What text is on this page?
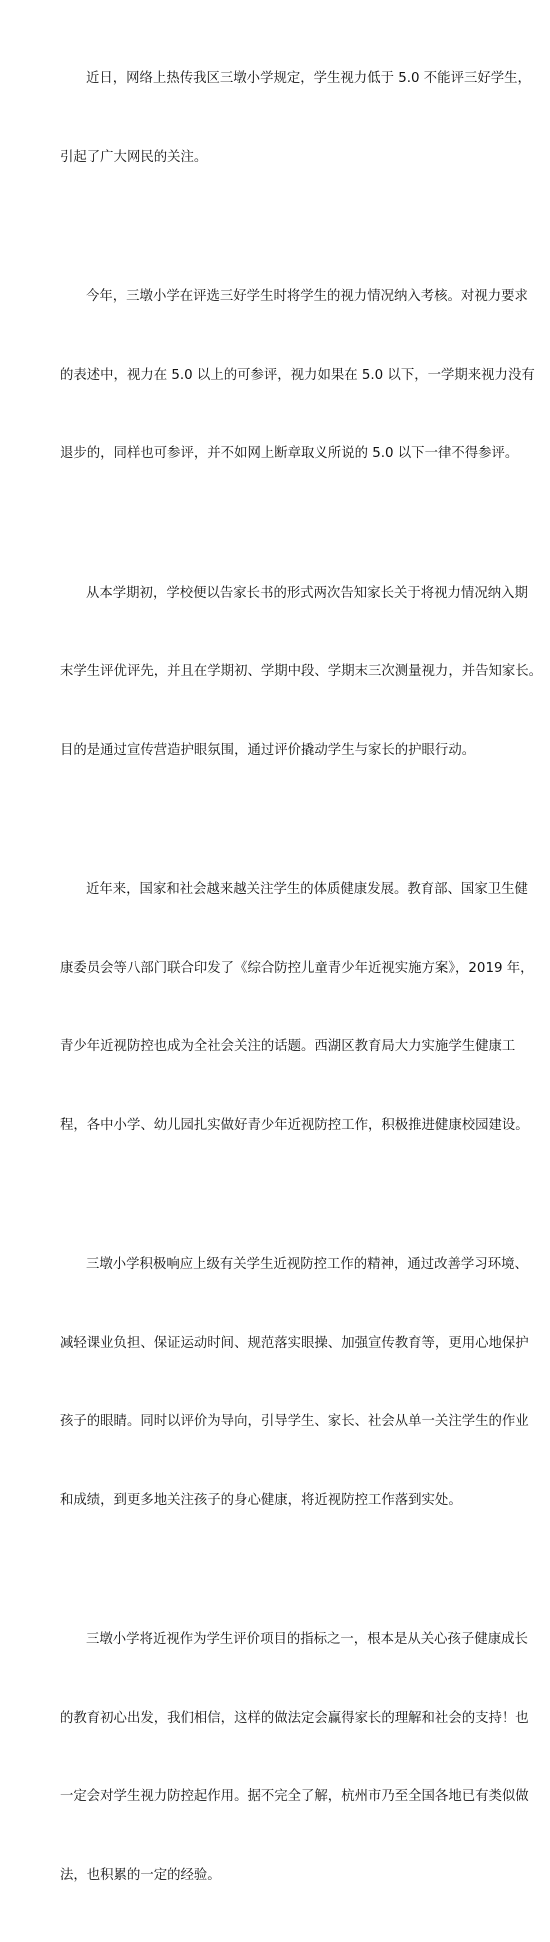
近日，网络上热传我区三墩小学规定，学生视力低于 5.0 不能评三好学生，

引起了广大网民的关注。

今年，三墩小学在评选三好学生时将学生的视力情况纳入考核。对视力要求

的表述中，视力在 5.0 以上的可参评，视力如果在 5.0 以下，一学期来视力没有

退步的，同样也可参评，并不如网上断章取义所说的 5.0 以下一律不得参评。

从本学期初，学校便以告家长书的形式两次告知家长关于将视力情况纳入期

末学生评优评先，并且在学期初、学期中段、学期末三次测量视力，并告知家长。

目的是通过宣传营造护眼氛围，通过评价撬动学生与家长的护眼行动。

近年来，国家和社会越来越关注学生的体质健康发展。教育部、国家卫生健

康委员会等八部门联合印发了《综合防控儿童青少年近视实施方案》，2019 年，

青少年近视防控也成为全社会关注的话题。西湖区教育局大力实施学生健康工

程，各中小学、幼儿园扎实做好青少年近视防控工作，积极推进健康校园建设。

三墩小学积极响应上级有关学生近视防控工作的精神，通过改善学习环境、

减轻课业负担、保证运动时间、规范落实眼操、加强宣传教育等，更用心地保护

孩子的眼睛。同时以评价为导向，引导学生、家长、社会从单一关注学生的作业

和成绩，到更多地关注孩子的身心健康，将近视防控工作落到实处。

三墩小学将近视作为学生评价项目的指标之一，根本是从关心孩子健康成长

的教育初心出发，我们相信，这样的做法定会赢得家长的理解和社会的支持！也

一定会对学生视力防控起作用。据不完全了解，杭州市乃至全国各地已有类似做

法，也积累的一定的经验。
